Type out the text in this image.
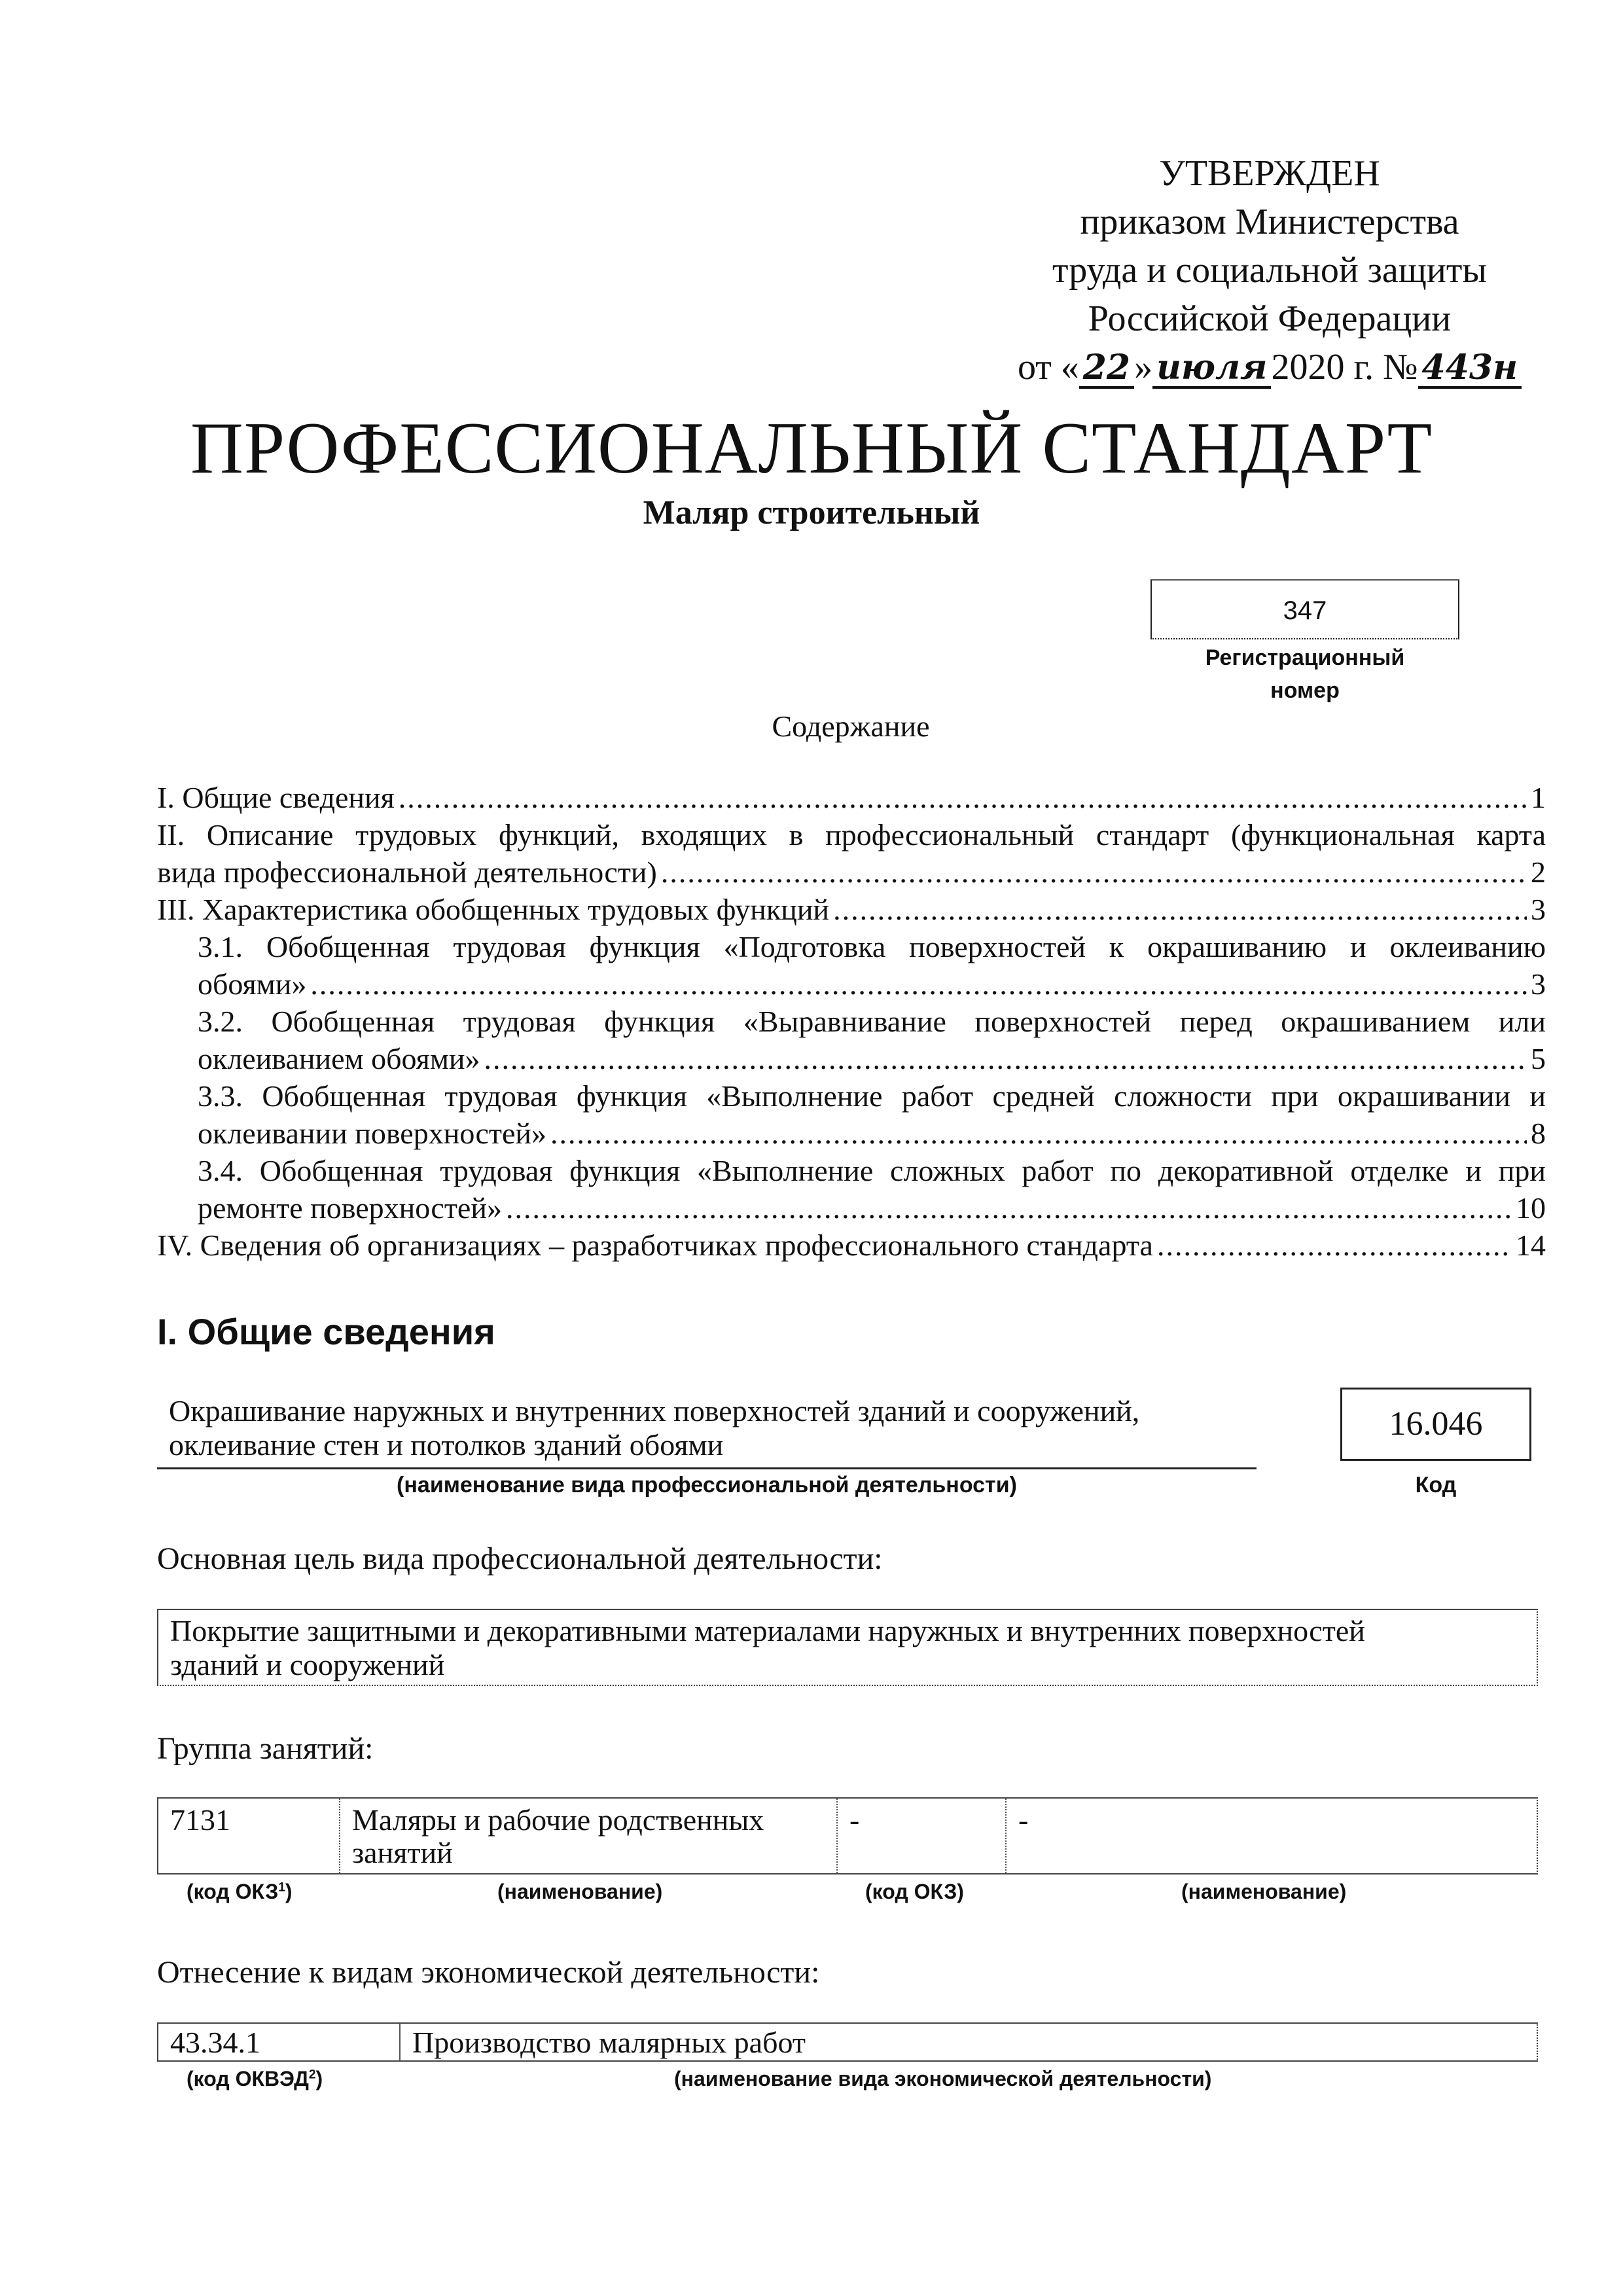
УТВЕРЖДЕН
приказом Министерства
труда и социальной защиты
Российской Федерации
от « 22 » июля 2020 г. № 443н
ПРОФЕССИОНАЛЬНЫЙ СТАНДАРТ
Маляр строительный
347
Регистрационный
номер
Содержание
I. Общие сведения .....	1
II. Описание трудовых функций, входящих в профессиональный стандарт (функциональная карта
вида профессиональной деятельности) .....	2
III. Характеристика обобщенных трудовых функций .....	3
3.1. Обобщенная трудовая функция «Подготовка поверхностей к окрашиванию и оклеиванию
обоями» .....	3
3.2. Обобщенная трудовая функция «Выравнивание поверхностей перед окрашиванием или
оклеиванием обоями» .....	5
3.3. Обобщенная трудовая функция «Выполнение работ средней сложности при окрашивании и
оклеивании поверхностей» .....	8
3.4. Обобщенная трудовая функция «Выполнение сложных работ по декоративной отделке и при
ремонте поверхностей» .....	10
IV. Сведения об организациях – разработчиках профессионального стандарта .....	14
I. Общие сведения
Окрашивание наружных и внутренних поверхностей зданий и сооружений,
оклеивание стен и потолков зданий обоями
(наименование вида профессиональной деятельности)
16.046
Код
Основная цель вида профессиональной деятельности:
Покрытие защитными и декоративными материалами наружных и внутренних поверхностей
зданий и сооружений
Группа занятий:
7131	Маляры и рабочие родственных
занятий
-	-
(код ОКЗ$^1$)	(наименование)	(код ОКЗ)	(наименование)
Отнесение к видам экономической деятельности:
43.34.1	Производство малярных работ
(код ОКВЭД$^2$)	(наименование вида экономической деятельности)
